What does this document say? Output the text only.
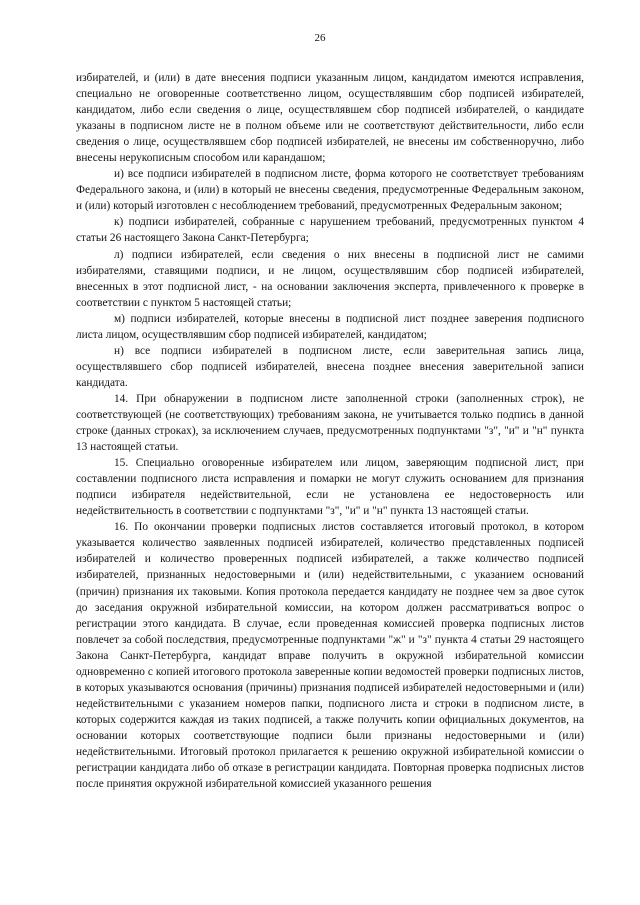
26

избирателей, и (или) в дате внесения подписи указанным лицом, кандидатом имеются исправления, специально не оговоренные соответственно лицом, осуществлявшим сбор подписей избирателей, кандидатом, либо если сведения о лице, осуществлявшем сбор подписей избирателей, о кандидате указаны в подписном листе не в полном объеме или не соответствуют действительности, либо если сведения о лице, осуществлявшем сбор подписей избирателей, не внесены им собственноручно, либо внесены нерукописным способом или карандашом;

и) все подписи избирателей в подписном листе, форма которого не соответствует требованиям Федерального закона, и (или) в который не внесены сведения, предусмотренные Федеральным законом, и (или) который изготовлен с несоблюдением требований, предусмотренных Федеральным законом;

к) подписи избирателей, собранные с нарушением требований, предусмотренных пунктом 4 статьи 26 настоящего Закона Санкт-Петербурга;

л) подписи избирателей, если сведения о них внесены в подписной лист не самими избирателями, ставящими подписи, и не лицом, осуществлявшим сбор подписей избирателей, внесенных в этот подписной лист, - на основании заключения эксперта, привлеченного к проверке в соответствии с пунктом 5 настоящей статьи;

м) подписи избирателей, которые внесены в подписной лист позднее заверения подписного листа лицом, осуществлявшим сбор подписей избирателей, кандидатом;

н) все подписи избирателей в подписном листе, если заверительная запись лица, осуществлявшего сбор подписей избирателей, внесена позднее внесения заверительной записи кандидата.

14. При обнаружении в подписном листе заполненной строки (заполненных строк), не соответствующей (не соответствующих) требованиям закона, не учитывается только подпись в данной строке (данных строках), за исключением случаев, предусмотренных подпунктами "з", "и" и "н" пункта 13 настоящей статьи.

15. Специально оговоренные избирателем или лицом, заверяющим подписной лист, при составлении подписного листа исправления и помарки не могут служить основанием для признания подписи избирателя недействительной, если не установлена ее недостоверность или недействительность в соответствии с подпунктами "з", "и" и "н" пункта 13 настоящей статьи.

16. По окончании проверки подписных листов составляется итоговый протокол, в котором указывается количество заявленных подписей избирателей, количество представленных подписей избирателей и количество проверенных подписей избирателей, а также количество подписей избирателей, признанных недостоверными и (или) недействительными, с указанием оснований (причин) признания их таковыми. Копия протокола передается кандидату не позднее чем за двое суток до заседания окружной избирательной комиссии, на котором должен рассматриваться вопрос о регистрации этого кандидата. В случае, если проведенная комиссией проверка подписных листов повлечет за собой последствия, предусмотренные подпунктами "ж" и "з" пункта 4 статьи 29 настоящего Закона Санкт-Петербурга, кандидат вправе получить в окружной избирательной комиссии одновременно с копией итогового протокола заверенные копии ведомостей проверки подписных листов, в которых указываются основания (причины) признания подписей избирателей недостоверными и (или) недействительными с указанием номеров папки, подписного листа и строки в подписном листе, в которых содержится каждая из таких подписей, а также получить копии официальных документов, на основании которых соответствующие подписи были признаны недостоверными и (или) недействительными. Итоговый протокол прилагается к решению окружной избирательной комиссии о регистрации кандидата либо об отказе в регистрации кандидата. Повторная проверка подписных листов после принятия окружной избирательной комиссией указанного решения
